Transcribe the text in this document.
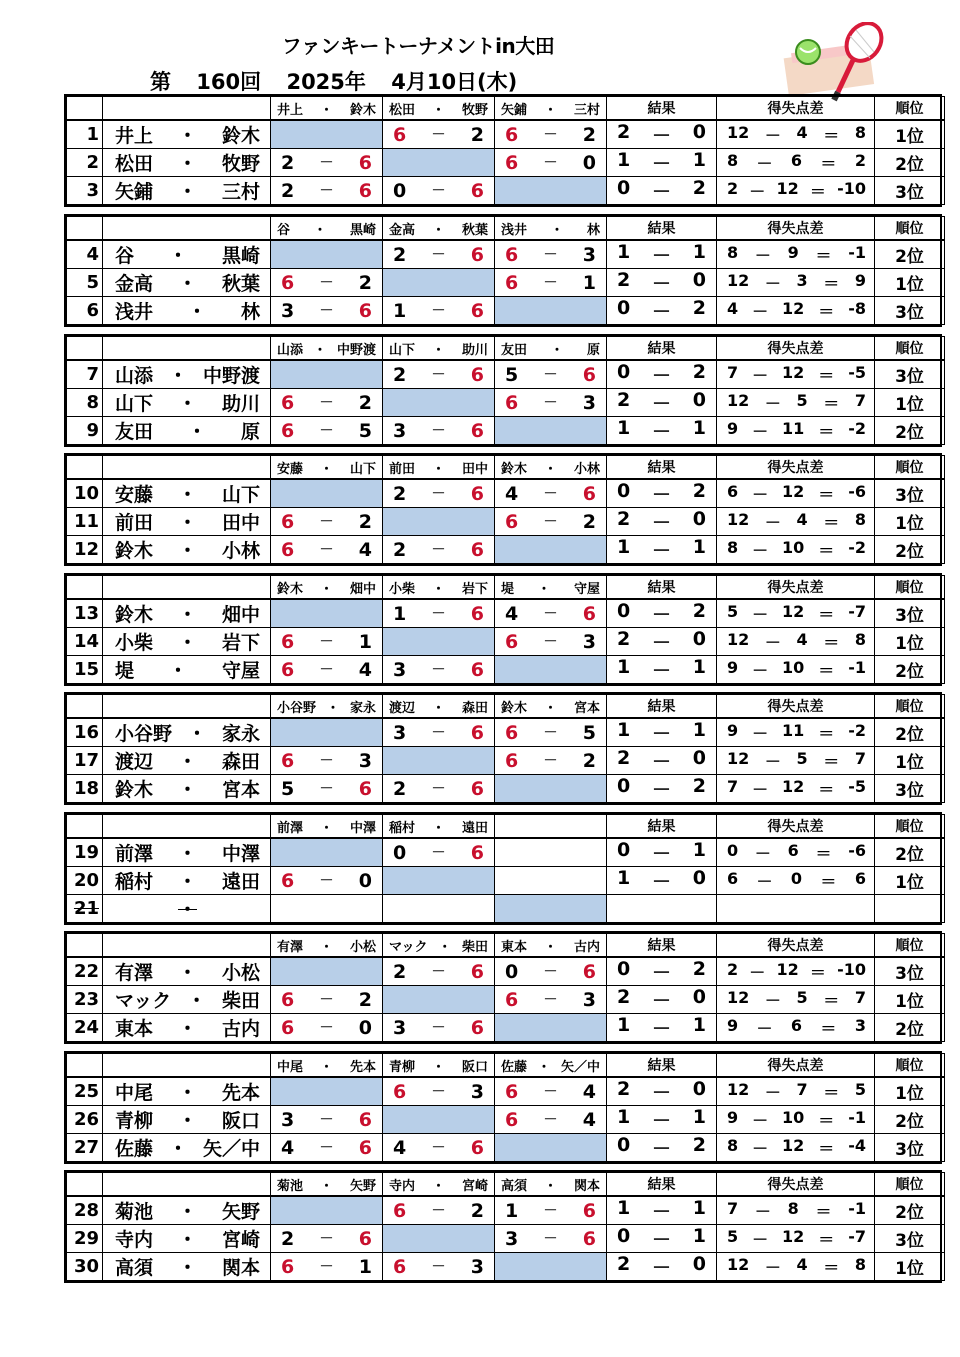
ファンキートーナメントin大田
第 160回 2025年 4月10日(木)

		井上 ・ 鈴木	松田 ・ 牧野	矢鋪 ・ 三村	結果	得失点差	順位
1	井上 ・ 鈴木		6 － 2	6 － 2	2 － 0	12 － 4 ＝ 8	1位
2	松田 ・ 牧野	2 － 6		6 － 0	1 － 1	8 － 6 ＝ 2	2位
3	矢鋪 ・ 三村	2 － 6	0 － 6		0 － 2	2 － 12 ＝ -10	3位

		谷 ・ 黒崎	金高 ・ 秋葉	浅井 ・ 林	結果	得失点差	順位
4	谷 ・ 黒崎		2 － 6	6 － 3	1 － 1	8 － 9 ＝ -1	2位
5	金高 ・ 秋葉	6 － 2		6 － 1	2 － 0	12 － 3 ＝ 9	1位
6	浅井 ・ 林	3 － 6	1 － 6		0 － 2	4 － 12 ＝ -8	3位

		山添 ・ 中野渡	山下 ・ 助川	友田 ・ 原	結果	得失点差	順位
7	山添 ・ 中野渡		2 － 6	5 － 6	0 － 2	7 － 12 ＝ -5	3位
8	山下 ・ 助川	6 － 2		6 － 3	2 － 0	12 － 5 ＝ 7	1位
9	友田 ・ 原	6 － 5	3 － 6		1 － 1	9 － 11 ＝ -2	2位

		安藤 ・ 山下	前田 ・ 田中	鈴木 ・ 小林	結果	得失点差	順位
10	安藤 ・ 山下		2 － 6	4 － 6	0 － 2	6 － 12 ＝ -6	3位
11	前田 ・ 田中	6 － 2		6 － 2	2 － 0	12 － 4 ＝ 8	1位
12	鈴木 ・ 小林	6 － 4	2 － 6		1 － 1	8 － 10 ＝ -2	2位

		鈴木 ・ 畑中	小柴 ・ 岩下	堤 ・ 守屋	結果	得失点差	順位
13	鈴木 ・ 畑中		1 － 6	4 － 6	0 － 2	5 － 12 ＝ -7	3位
14	小柴 ・ 岩下	6 － 1		6 － 3	2 － 0	12 － 4 ＝ 8	1位
15	堤 ・ 守屋	6 － 4	3 － 6		1 － 1	9 － 10 ＝ -1	2位

		小谷野 ・ 家永	渡辺 ・ 森田	鈴木 ・ 宮本	結果	得失点差	順位
16	小谷野 ・ 家永		3 － 6	6 － 5	1 － 1	9 － 11 ＝ -2	2位
17	渡辺 ・ 森田	6 － 3		6 － 2	2 － 0	12 － 5 ＝ 7	1位
18	鈴木 ・ 宮本	5 － 6	2 － 6		0 － 2	7 － 12 ＝ -5	3位

		前澤 ・ 中澤	稲村 ・ 遠田		結果	得失点差	順位
19	前澤 ・ 中澤		0 － 6		0 － 1	0 － 6 ＝ -6	2位
20	稲村 ・ 遠田	6 － 0			1 － 0	6 － 0 ＝ 6	1位
21	・						

		有澤 ・ 小松	マック ・ 柴田	東本 ・ 古内	結果	得失点差	順位
22	有澤 ・ 小松		2 － 6	0 － 6	0 － 2	2 － 12 ＝ -10	3位
23	マック ・ 柴田	6 － 2		6 － 3	2 － 0	12 － 5 ＝ 7	1位
24	東本 ・ 古内	6 － 0	3 － 6		1 － 1	9 － 6 ＝ 3	2位

		中尾 ・ 先本	青柳 ・ 阪口	佐藤 ・ 矢／中	結果	得失点差	順位
25	中尾 ・ 先本		6 － 3	6 － 4	2 － 0	12 － 7 ＝ 5	1位
26	青柳 ・ 阪口	3 － 6		6 － 4	1 － 1	9 － 10 ＝ -1	2位
27	佐藤 ・ 矢／中	4 － 6	4 － 6		0 － 2	8 － 12 ＝ -4	3位

		菊池 ・ 矢野	寺内 ・ 宮崎	高須 ・ 関本	結果	得失点差	順位
28	菊池 ・ 矢野		6 － 2	1 － 6	1 － 1	7 － 8 ＝ -1	2位
29	寺内 ・ 宮崎	2 － 6		3 － 6	0 － 1	5 － 12 ＝ -7	3位
30	高須 ・ 関本	6 － 1	6 － 3		2 － 0	12 － 4 ＝ 8	1位
